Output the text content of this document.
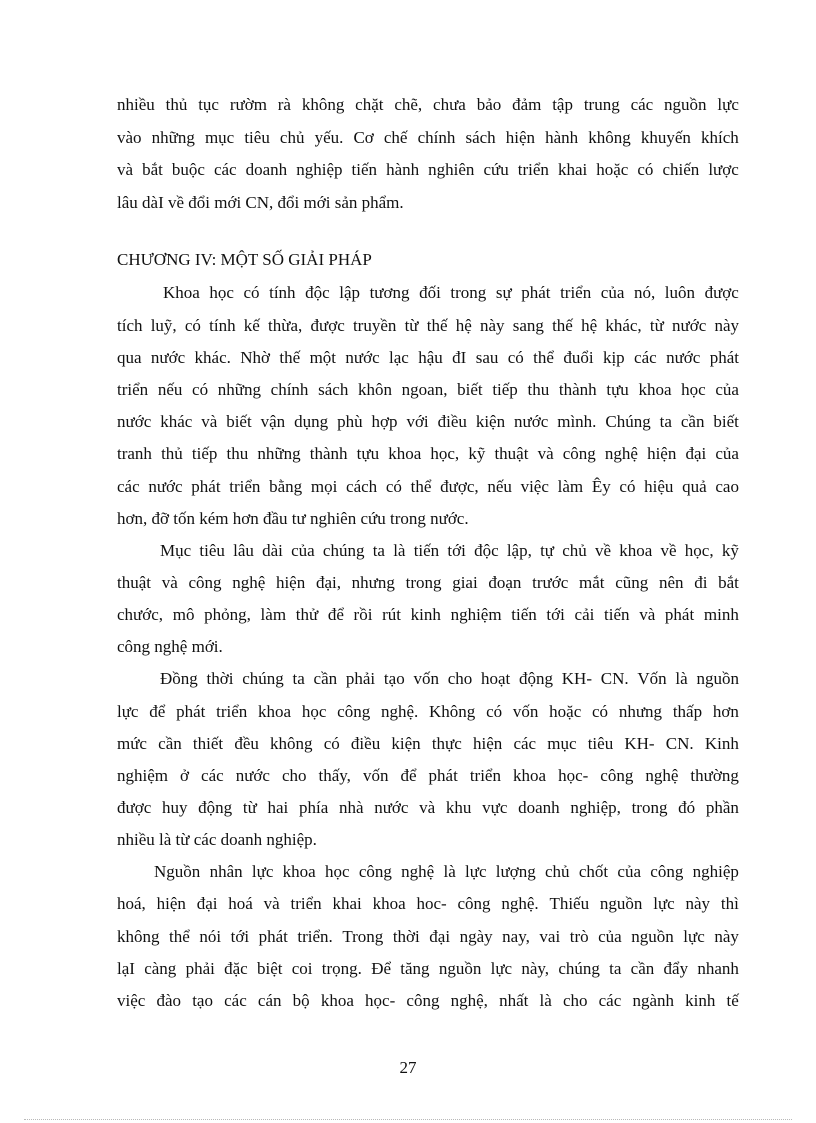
nhiều thủ tục rườm rà không chặt chẽ, chưa bảo đảm tập trung các nguồn lực
vào những mục tiêu chủ yếu. Cơ chế chính sách hiện hành không khuyến khích
và bắt buộc các doanh nghiệp tiến hành nghiên cứu triển khai hoặc có chiến lược
lâu dàI về đổi mới CN, đổi mới sản phẩm.
CHƯƠNG IV: MỘT SỐ GIẢI PHÁP
Khoa học có tính độc lập tương đối trong sự phát triển của nó, luôn được
tích luỹ, có tính kế thừa, được truyền từ thế hệ này sang thế hệ khác, từ nước này
qua nước khác. Nhờ thế một nước lạc hậu đI sau có thể đuổi kịp các nước phát
triển nếu có những chính sách khôn ngoan, biết tiếp thu thành tựu khoa học của
nước khác và biết vận dụng phù hợp với điều kiện nước mình. Chúng ta cần biết
tranh thủ tiếp thu những thành tựu khoa học, kỹ thuật và công nghệ hiện đại của
các nước phát triển bằng mọi cách có thể được, nếu việc làm Êy có hiệu quả cao
hơn, đỡ tốn kém hơn đầu tư nghiên cứu trong nước.
Mục tiêu lâu dài của chúng ta là tiến tới độc lập, tự chủ về khoa về học, kỹ
thuật và công nghệ hiện đại, nhưng trong giai đoạn trước mắt cũng nên đi bắt
chước, mô phỏng, làm thử để rồi rút kinh nghiệm tiến tới cải tiến và phát minh
công nghệ mới.
Đồng thời chúng ta cần phải tạo vốn cho hoạt động KH- CN. Vốn là nguồn
lực để phát triển khoa học công nghệ. Không có vốn hoặc có nhưng thấp hơn
mức cần thiết đều không có điều kiện thực hiện các mục tiêu KH- CN. Kinh
nghiệm ở các nước cho thấy, vốn để phát triển khoa học- công nghệ thường
được huy động từ hai phía nhà nước và khu vực doanh nghiệp, trong đó phần
nhiều là từ các doanh nghiệp.
Nguồn nhân lực khoa học công nghệ là lực lượng chủ chốt của công nghiệp
hoá, hiện đại hoá và triển khai khoa hoc- công nghệ. Thiếu nguồn lực này thì
không thể nói tới phát triển. Trong thời đại ngày nay, vai trò của nguồn lực này
lạI càng phải đặc biệt coi trọng. Để tăng nguồn lực này, chúng ta cần đẩy nhanh
việc đào tạo các cán bộ khoa học- công nghệ, nhất là cho các ngành kinh tế
27
